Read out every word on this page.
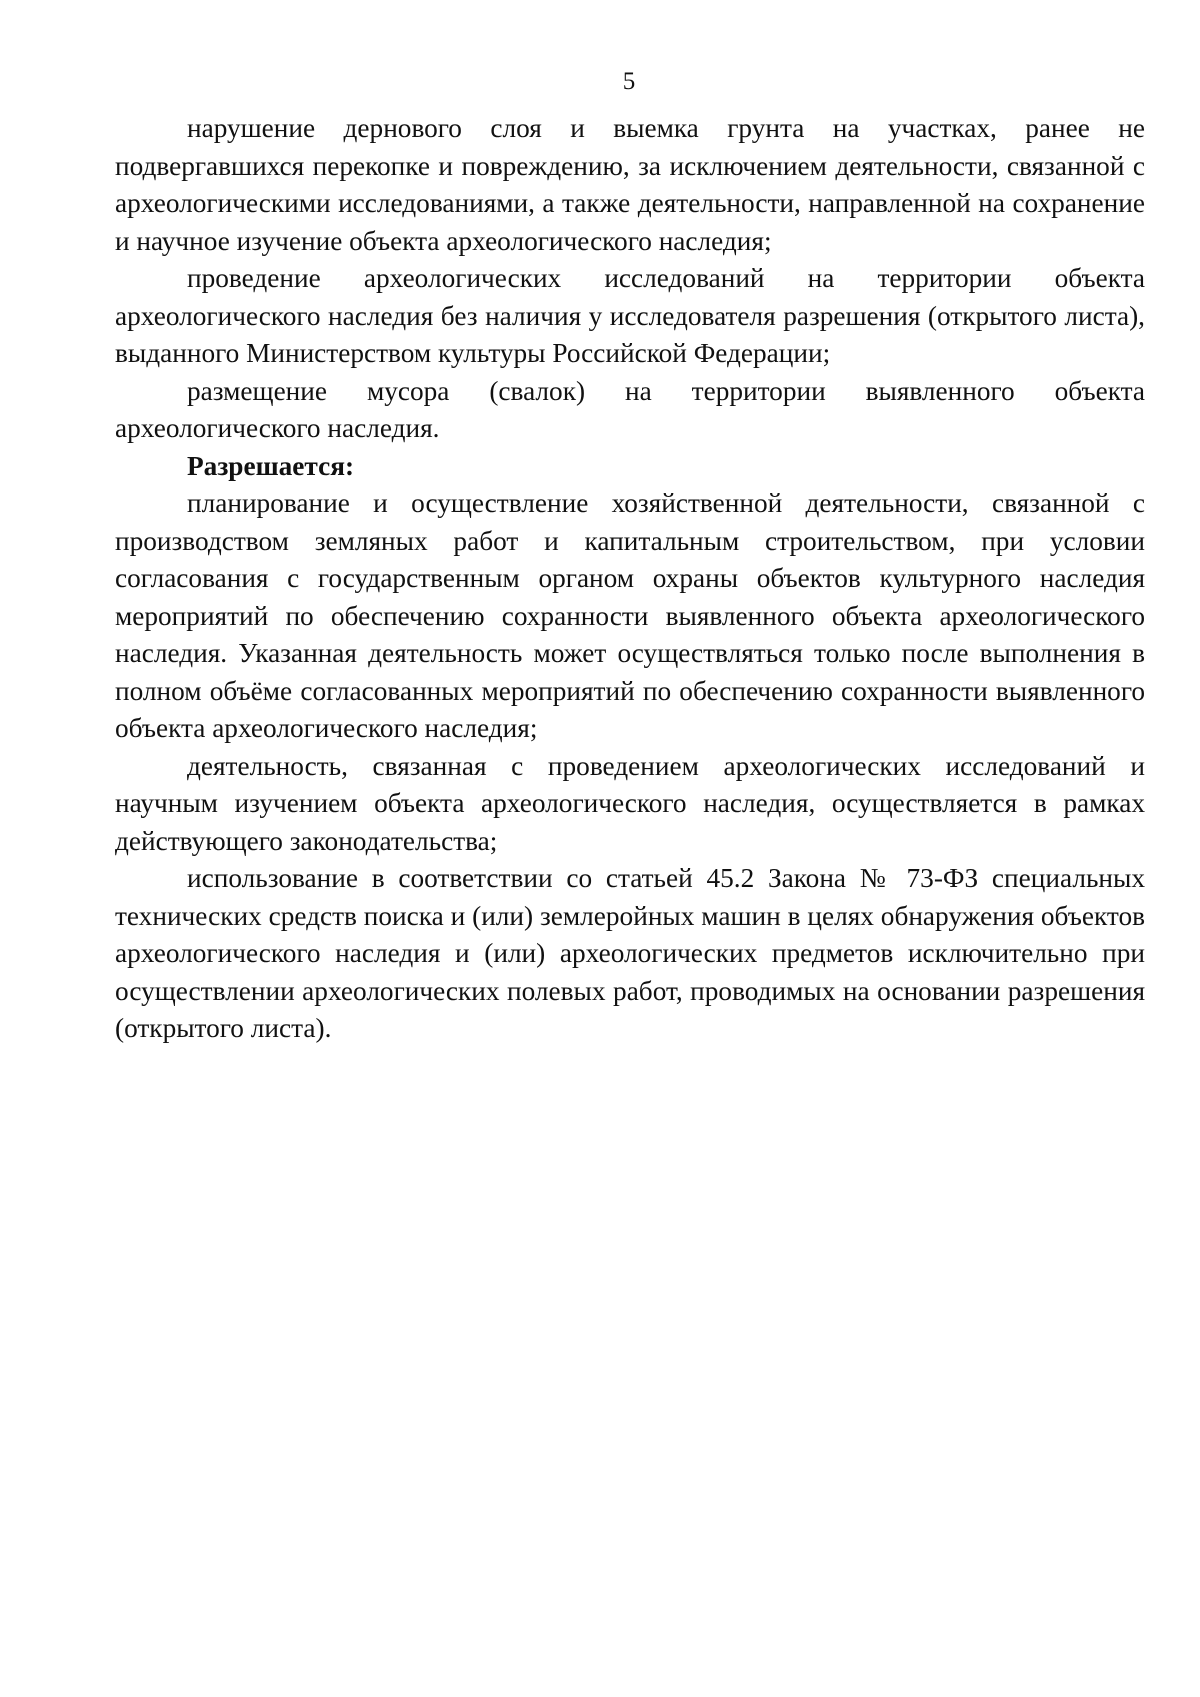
5

нарушение дернового слоя и выемка грунта на участках, ранее не подвергавшихся перекопке и повреждению, за исключением деятельности, связанной с археологическими исследованиями, а также деятельности, направленной на сохранение и научное изучение объекта археологического наследия;

проведение археологических исследований на территории объекта археологического наследия без наличия у исследователя разрешения (открытого листа), выданного Министерством культуры Российской Федерации;

размещение мусора (свалок) на территории выявленного объекта археологического наследия.

Разрешается:

планирование и осуществление хозяйственной деятельности, связанной с производством земляных работ и капитальным строительством, при условии согласования с государственным органом охраны объектов культурного наследия мероприятий по обеспечению сохранности выявленного объекта археологического наследия. Указанная деятельность может осуществляться только после выполнения в полном объёме согласованных мероприятий по обеспечению сохранности выявленного объекта археологического наследия;

деятельность, связанная с проведением археологических исследований и научным изучением объекта археологического наследия, осуществляется в рамках действующего законодательства;

использование в соответствии со статьей 45.2 Закона № 73-ФЗ специальных технических средств поиска и (или) землеройных машин в целях обнаружения объектов археологического наследия и (или) археологических предметов исключительно при осуществлении археологических полевых работ, проводимых на основании разрешения (открытого листа).
